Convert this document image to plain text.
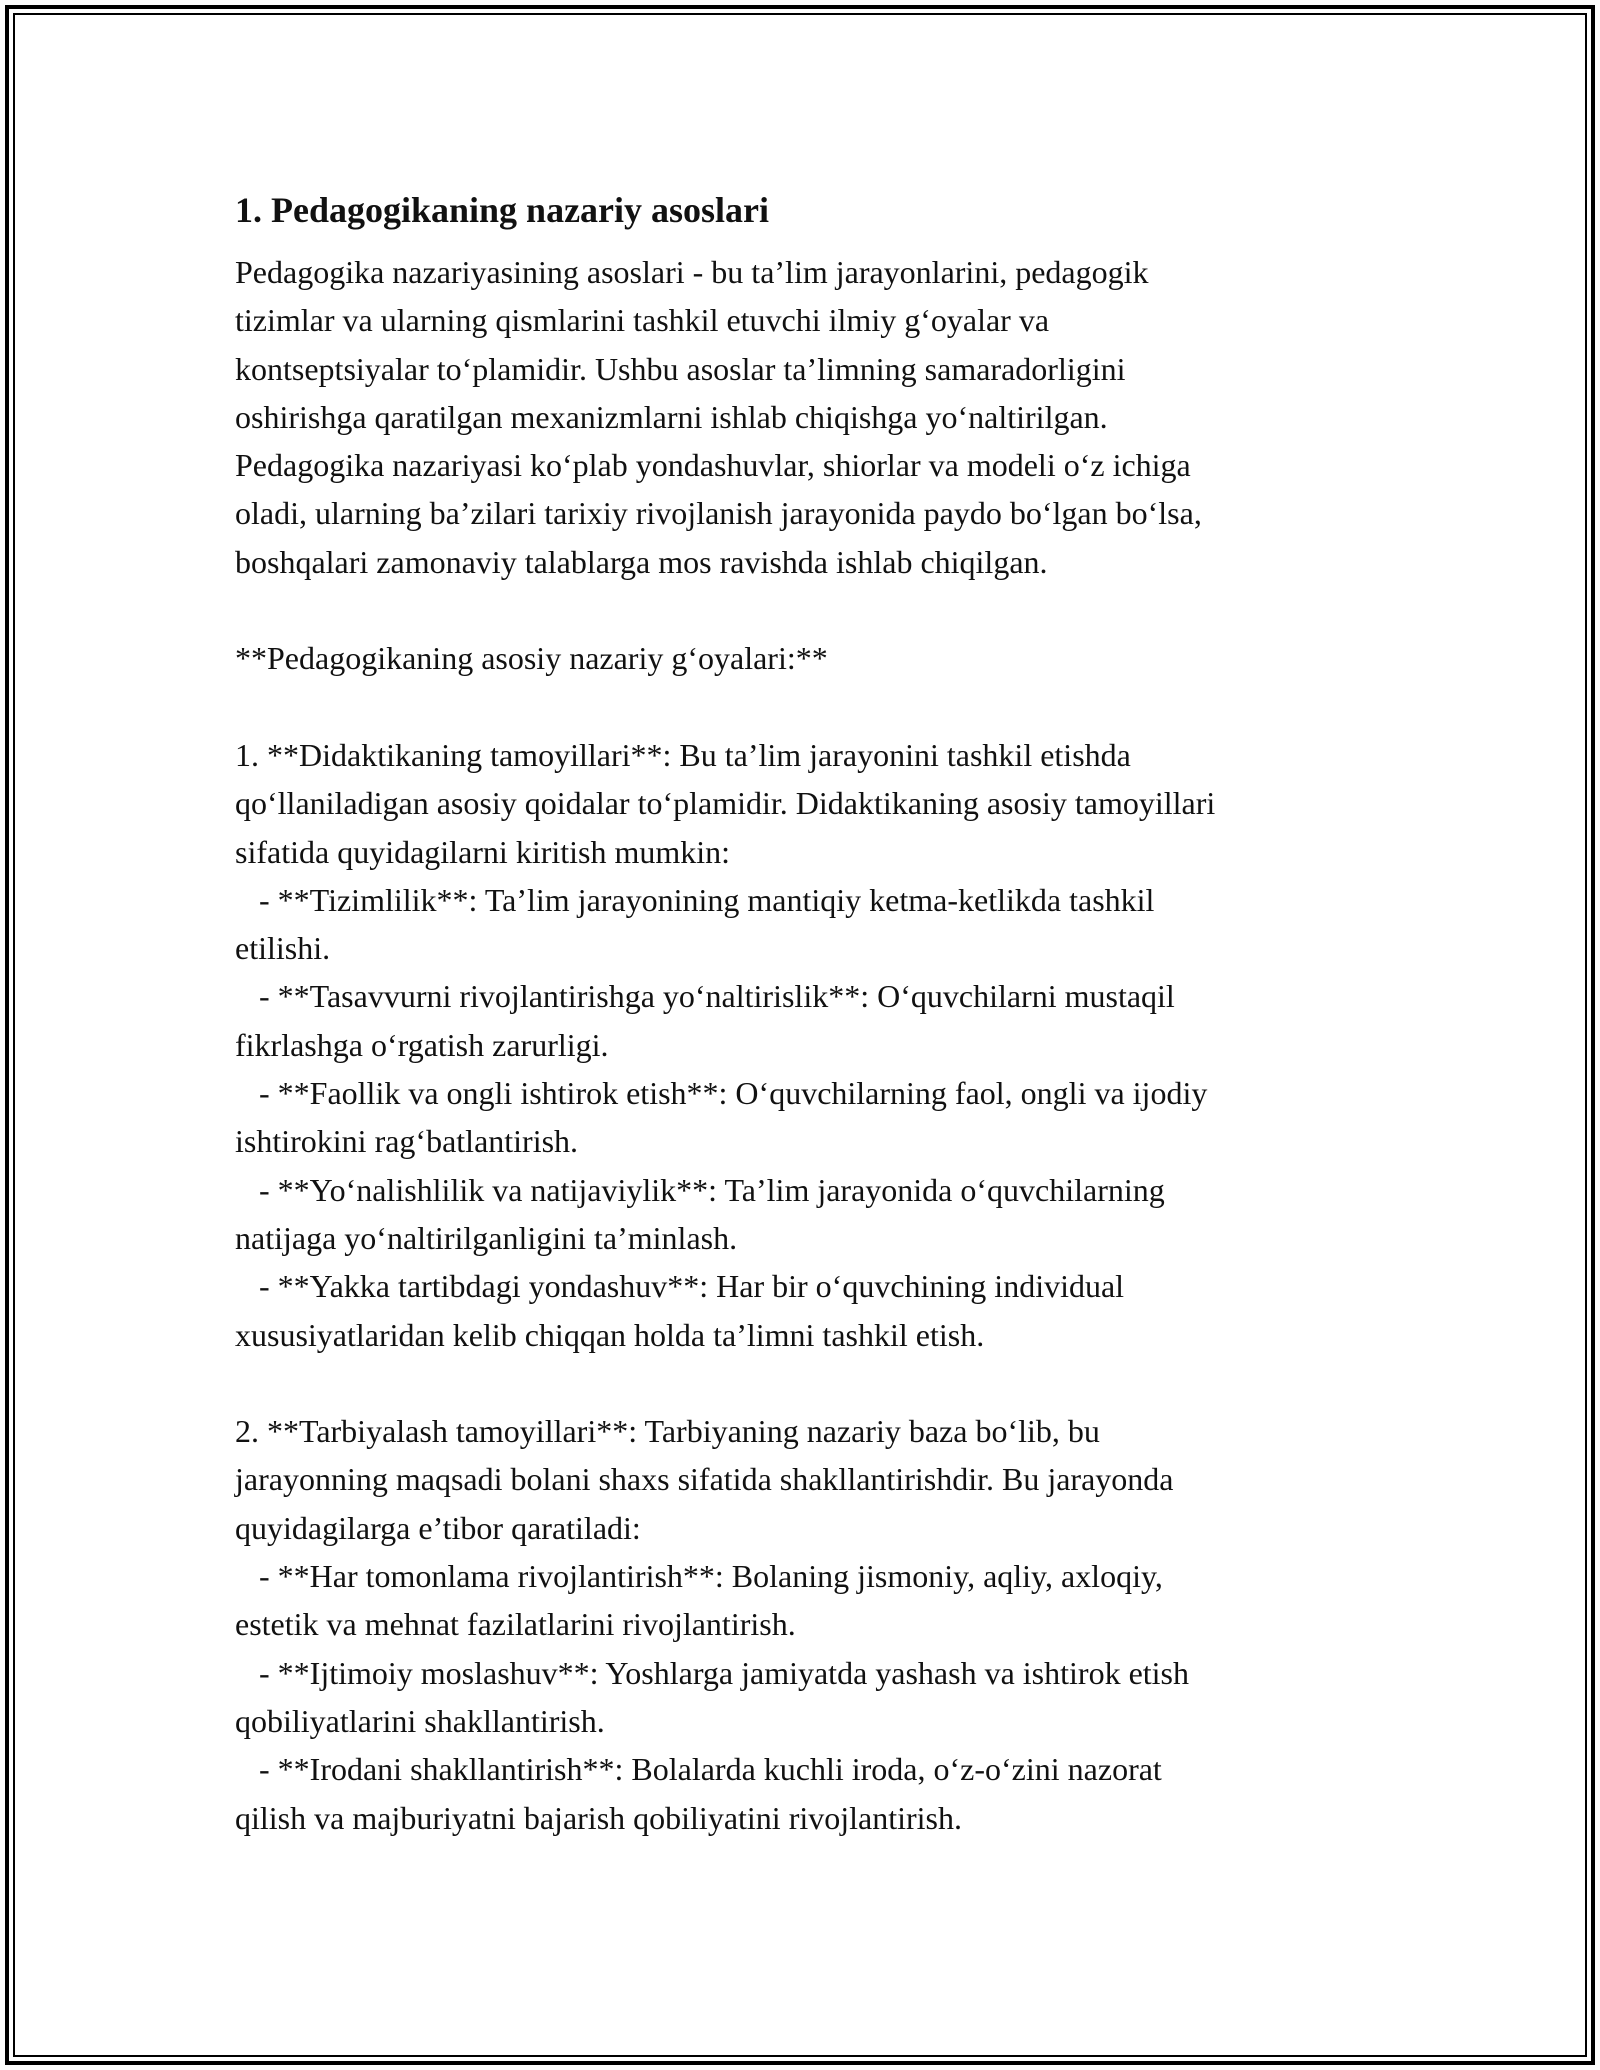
1. Pedagogikaning nazariy asoslari
Pedagogika nazariyasining asoslari - bu ta’lim jarayonlarini, pedagogik
tizimlar va ularning qismlarini tashkil etuvchi ilmiy g‘oyalar va
kontseptsiyalar to‘plamidir. Ushbu asoslar ta’limning samaradorligini
oshirishga qaratilgan mexanizmlarni ishlab chiqishga yo‘naltirilgan.
Pedagogika nazariyasi ko‘plab yondashuvlar, shiorlar va modeli o‘z ichiga
oladi, ularning ba’zilari tarixiy rivojlanish jarayonida paydo bo‘lgan bo‘lsa,
boshqalari zamonaviy talablarga mos ravishda ishlab chiqilgan.
**Pedagogikaning asosiy nazariy g‘oyalari:**
1. **Didaktikaning tamoyillari**: Bu ta’lim jarayonini tashkil etishda
qo‘llaniladigan asosiy qoidalar to‘plamidir. Didaktikaning asosiy tamoyillari
sifatida quyidagilarni kiritish mumkin:
- **Tizimlilik**: Ta’lim jarayonining mantiqiy ketma-ketlikda tashkil
etilishi.
- **Tasavvurni rivojlantirishga yo‘naltirislik**: O‘quvchilarni mustaqil
fikrlashga o‘rgatish zarurligi.
- **Faollik va ongli ishtirok etish**: O‘quvchilarning faol, ongli va ijodiy
ishtirokini rag‘batlantirish.
- **Yo‘nalishlilik va natijaviylik**: Ta’lim jarayonida o‘quvchilarning
natijaga yo‘naltirilganligini ta’minlash.
- **Yakka tartibdagi yondashuv**: Har bir o‘quvchining individual
xususiyatlaridan kelib chiqqan holda ta’limni tashkil etish.
2. **Tarbiyalash tamoyillari**: Tarbiyaning nazariy baza bo‘lib, bu
jarayonning maqsadi bolani shaxs sifatida shakllantirishdir. Bu jarayonda
quyidagilarga e’tibor qaratiladi:
- **Har tomonlama rivojlantirish**: Bolaning jismoniy, aqliy, axloqiy,
estetik va mehnat fazilatlarini rivojlantirish.
- **Ijtimoiy moslashuv**: Yoshlarga jamiyatda yashash va ishtirok etish
qobiliyatlarini shakllantirish.
- **Irodani shakllantirish**: Bolalarda kuchli iroda, o‘z-o‘zini nazorat
qilish va majburiyatni bajarish qobiliyatini rivojlantirish.
